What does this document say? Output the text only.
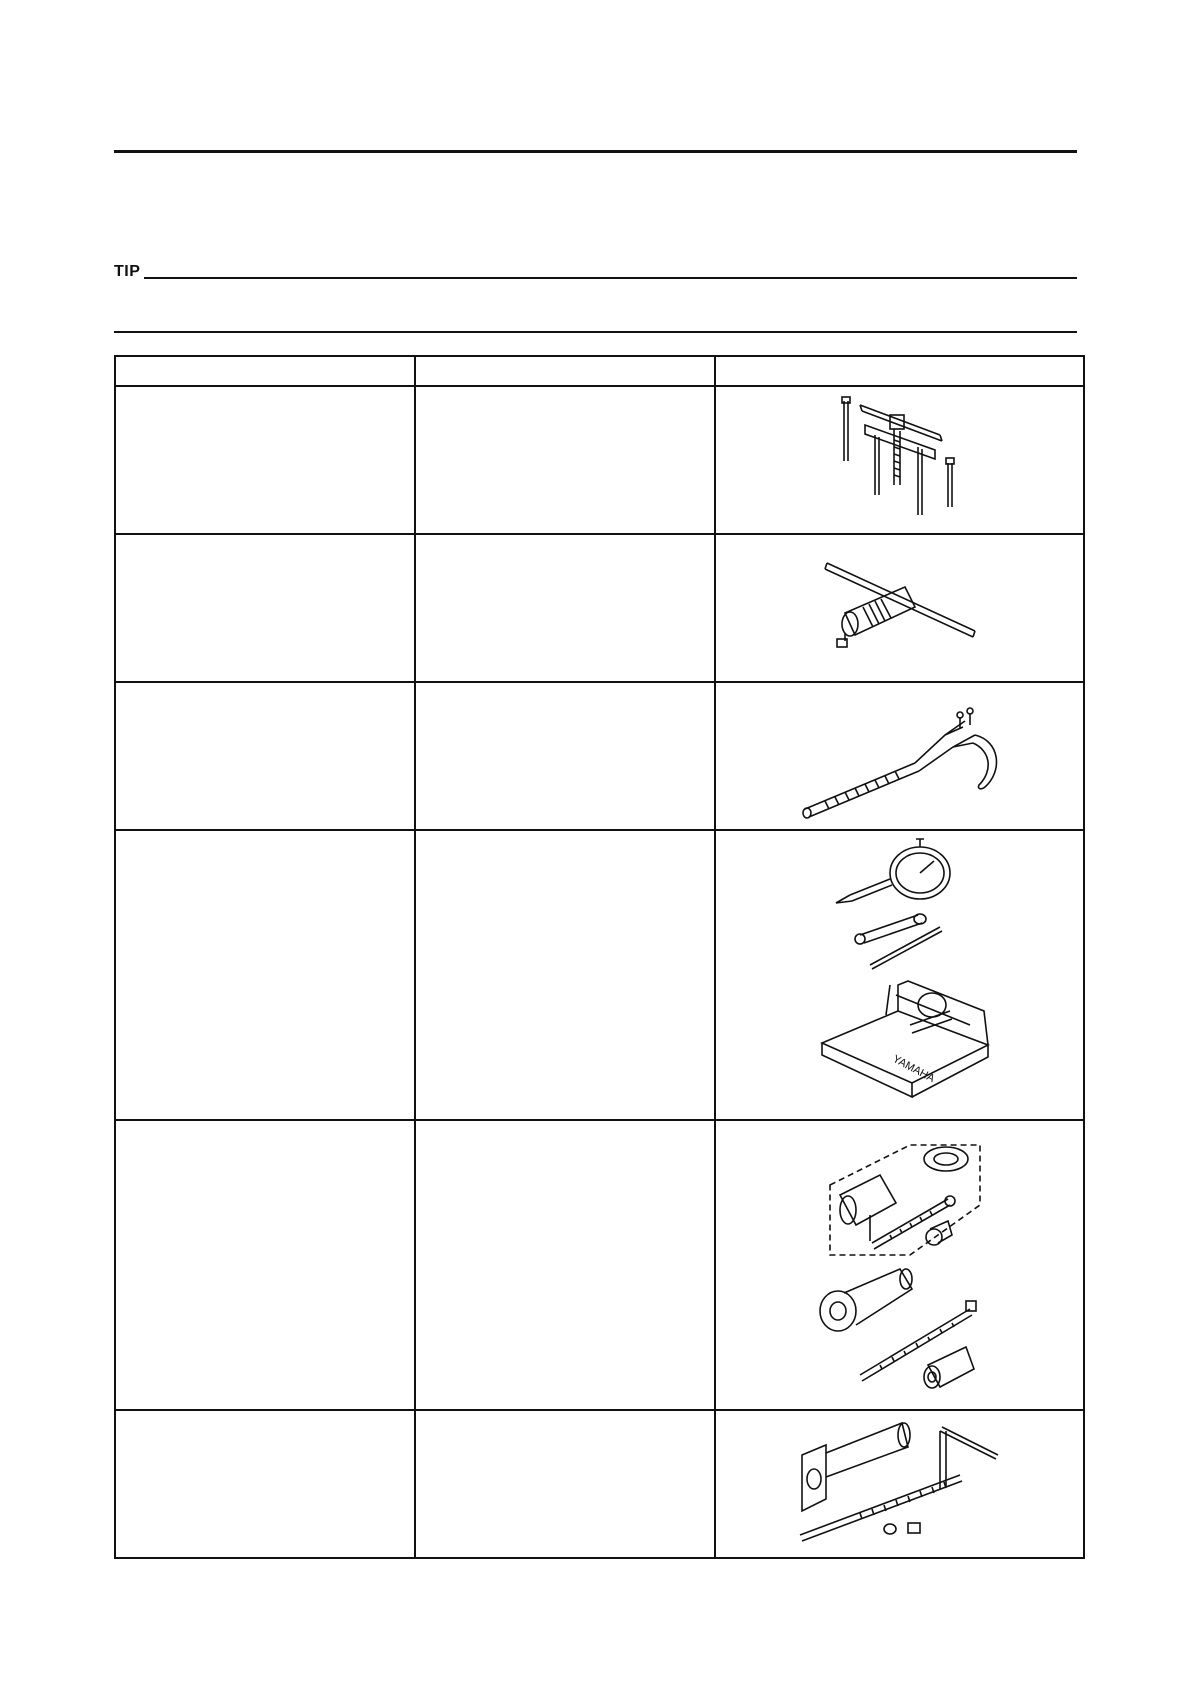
TIP

YAMAHA
